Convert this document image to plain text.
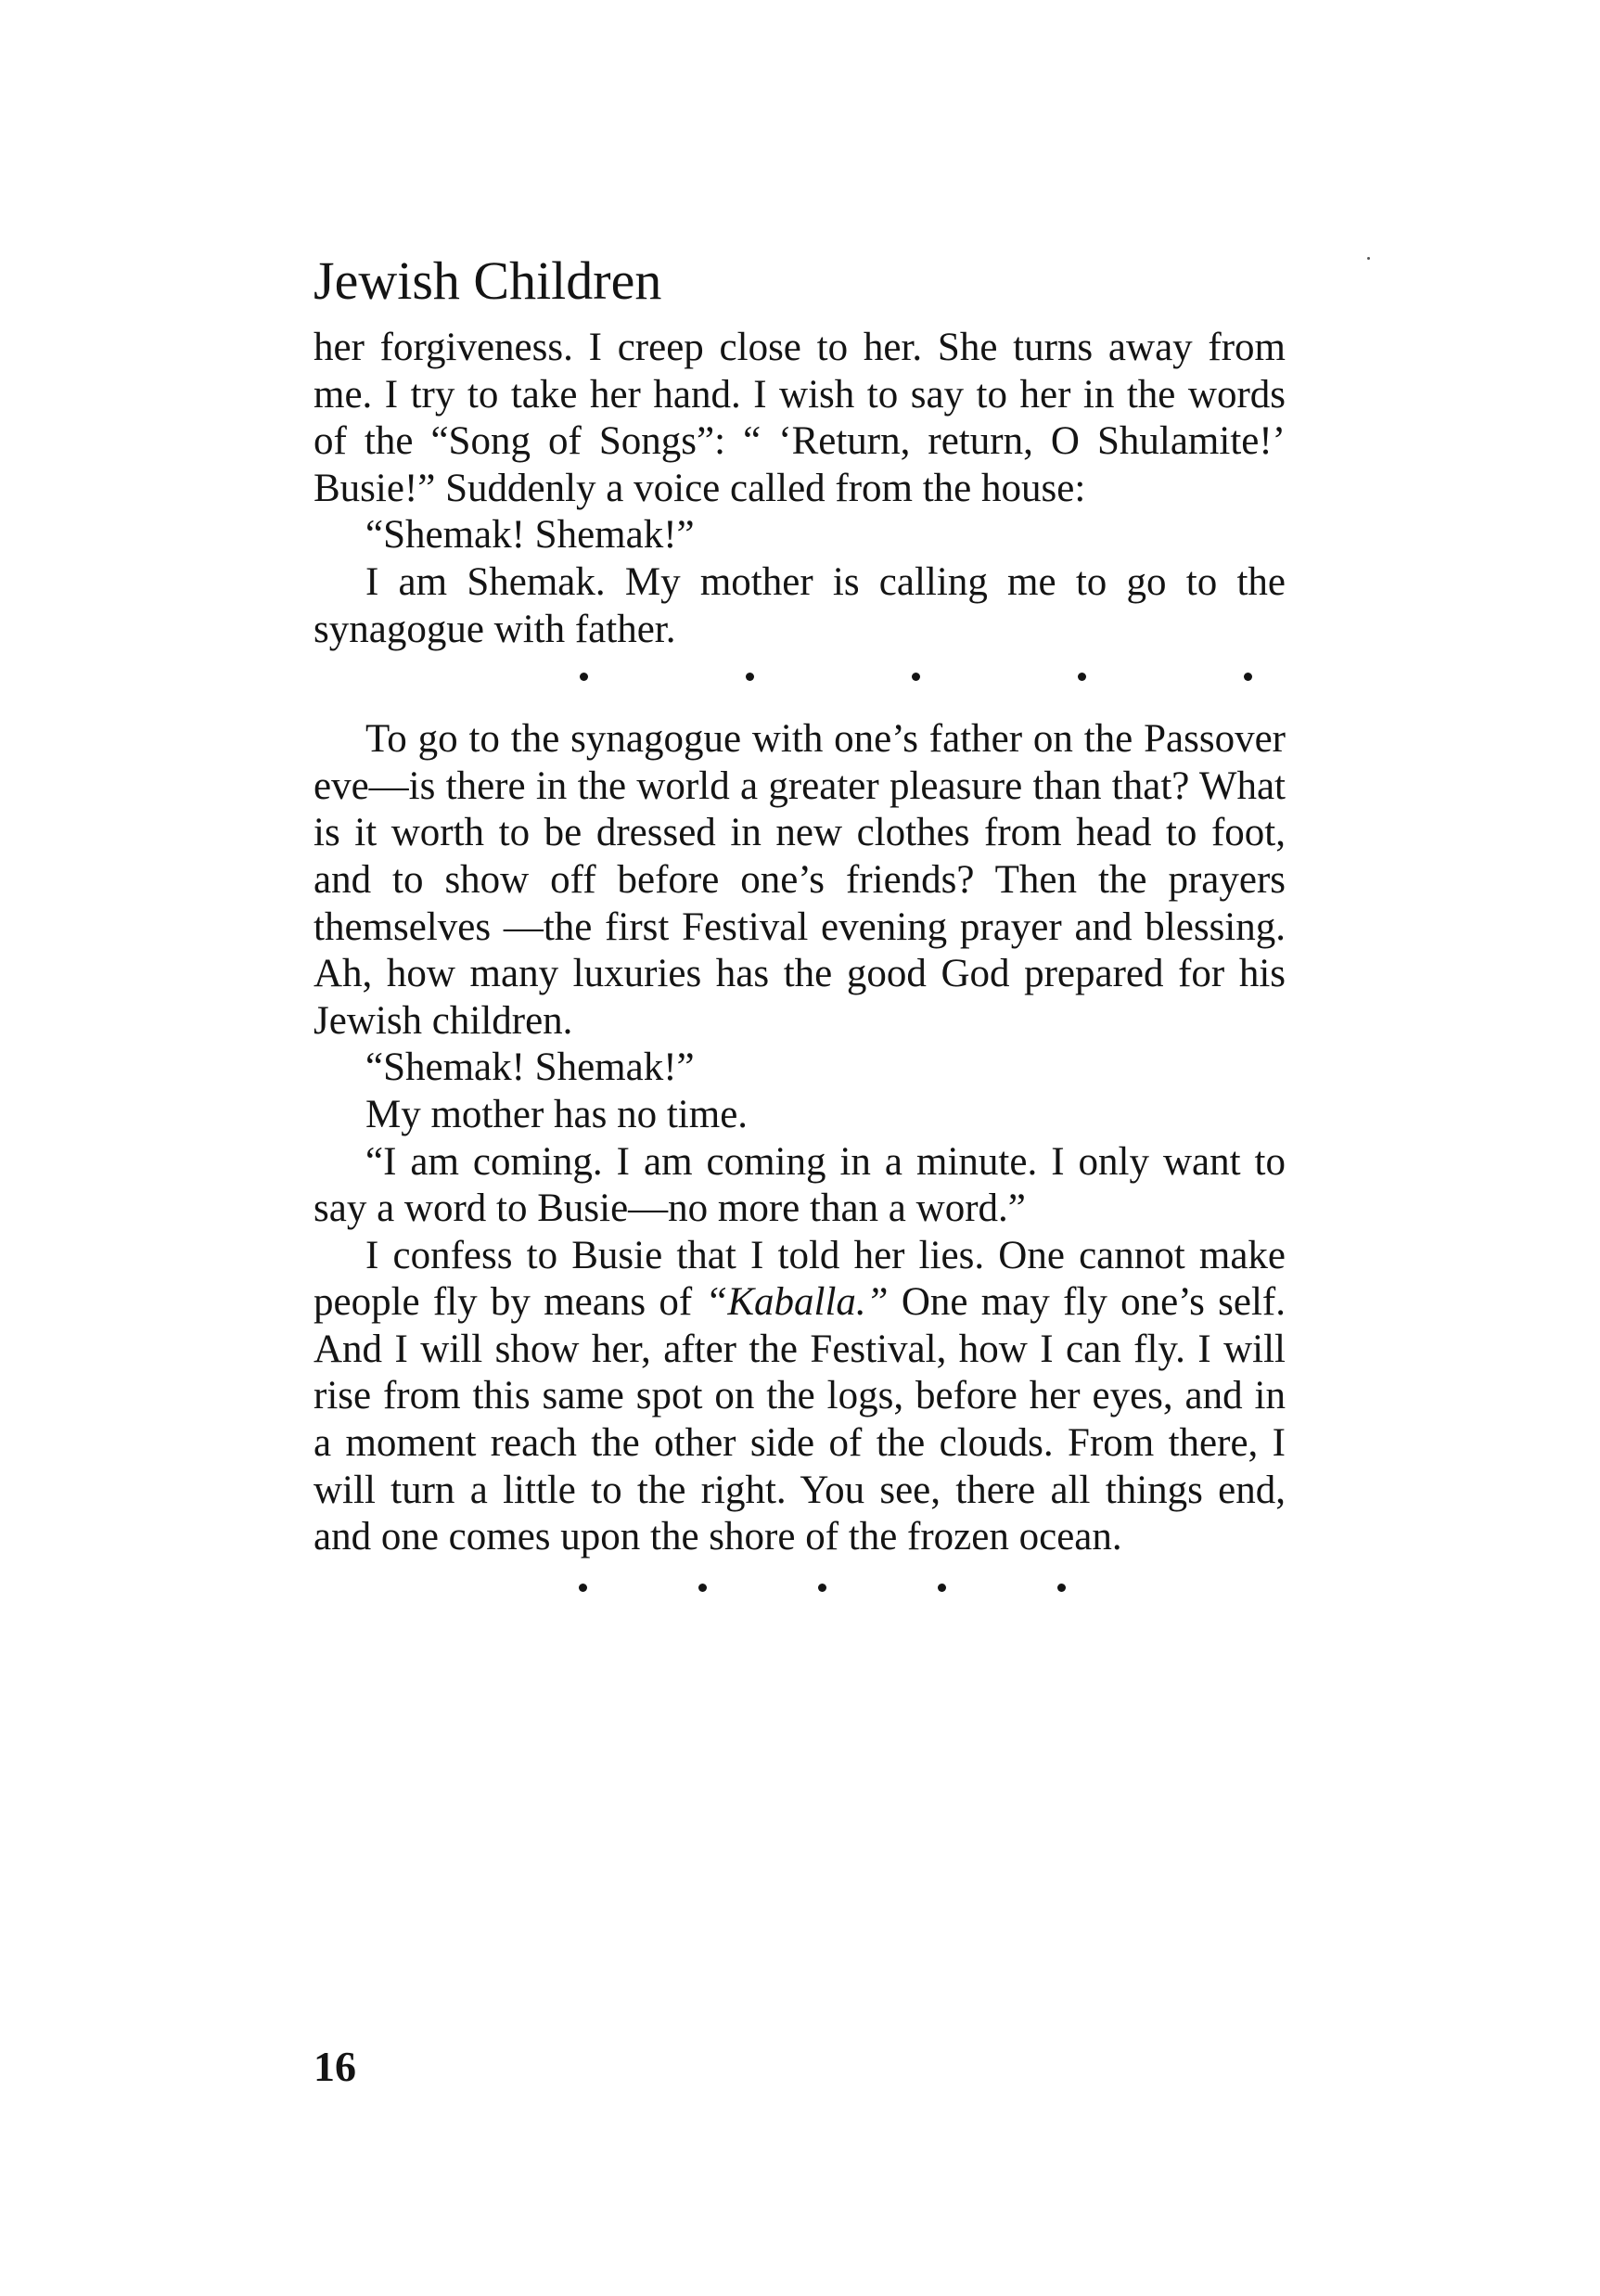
Jewish Children

her forgiveness. I creep close to her. She turns away from me. I try to take her hand. I wish to say to her in the words of the “Song of Songs”: “ ‘Return, return, O Shulamite!’ Busie!” Suddenly a voice called from the house:

“Shemak! Shemak!”

I am Shemak. My mother is calling me to go to the synagogue with father.

To go to the synagogue with one’s father on the Passover eve—is there in the world a greater pleasure than that? What is it worth to be dressed in new clothes from head to foot, and to show off before one’s friends? Then the prayers themselves —the first Festival evening prayer and blessing. Ah, how many luxuries has the good God prepared for his Jewish children.

“Shemak! Shemak!”

My mother has no time.

“I am coming. I am coming in a minute. I only want to say a word to Busie—no more than a word.”

I confess to Busie that I told her lies. One cannot make people fly by means of “Kaballa.” One may fly one’s self. And I will show her, after the Festival, how I can fly. I will rise from this same spot on the logs, before her eyes, and in a moment reach the other side of the clouds. From there, I will turn a little to the right. You see, there all things end, and one comes upon the shore of the frozen ocean.

16
